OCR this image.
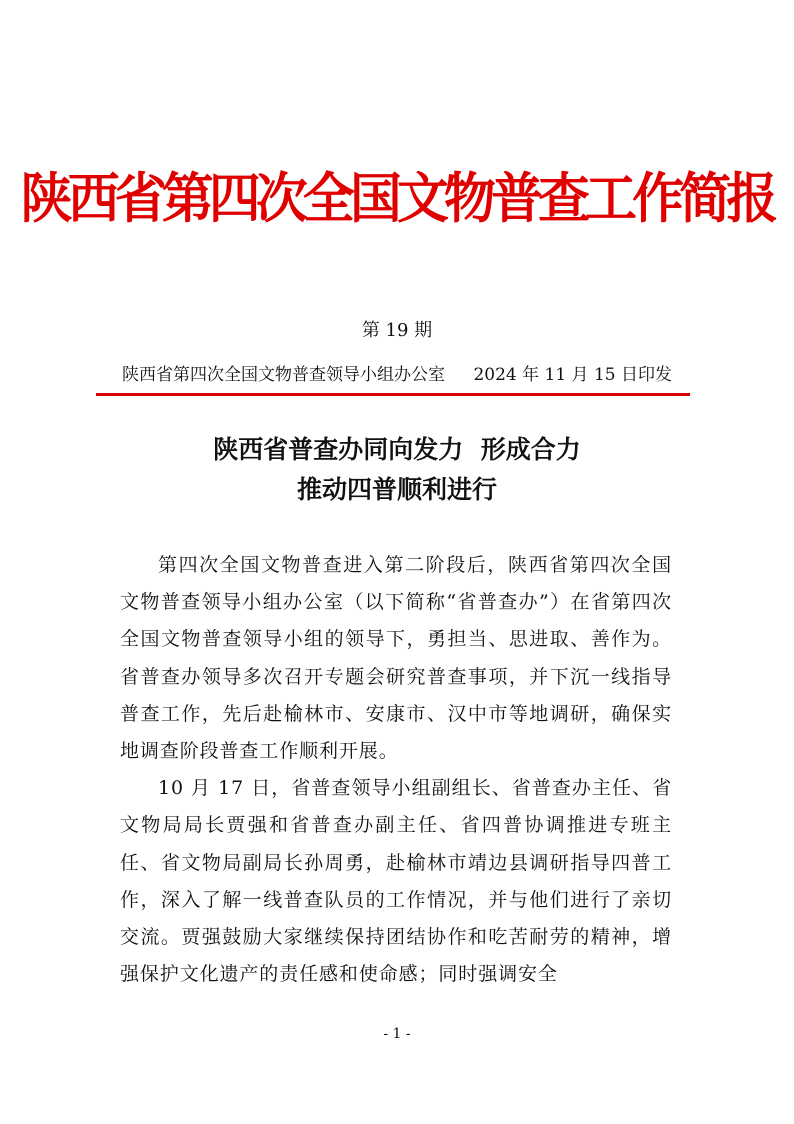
陕西省第四次全国文物普查工作简报
第 19 期
陕西省第四次全国文物普查领导小组办公室 2024 年 11 月 15 日印发
陕西省普查办同向发力  形成合力
推动四普顺利进行

第四次全国文物普查进入第二阶段后，陕西省第四次全国文物普查领导小组办公室（以下简称“省普查办”）在省第四次全国文物普查领导小组的领导下，勇担当、思进取、善作为。省普查办领导多次召开专题会研究普查事项，并下沉一线指导普查工作，先后赴榆林市、安康市、汉中市等地调研，确保实地调查阶段普查工作顺利开展。

10 月 17 日，省普查领导小组副组长、省普查办主任、省文物局局长贾强和省普查办副主任、省四普协调推进专班主任、省文物局副局长孙周勇，赴榆林市靖边县调研指导四普工作，深入了解一线普查队员的工作情况，并与他们进行了亲切交流。贾强鼓励大家继续保持团结协作和吃苦耐劳的精神，增强保护文化遗产的责任感和使命感；同时强调安全

- 1 -
